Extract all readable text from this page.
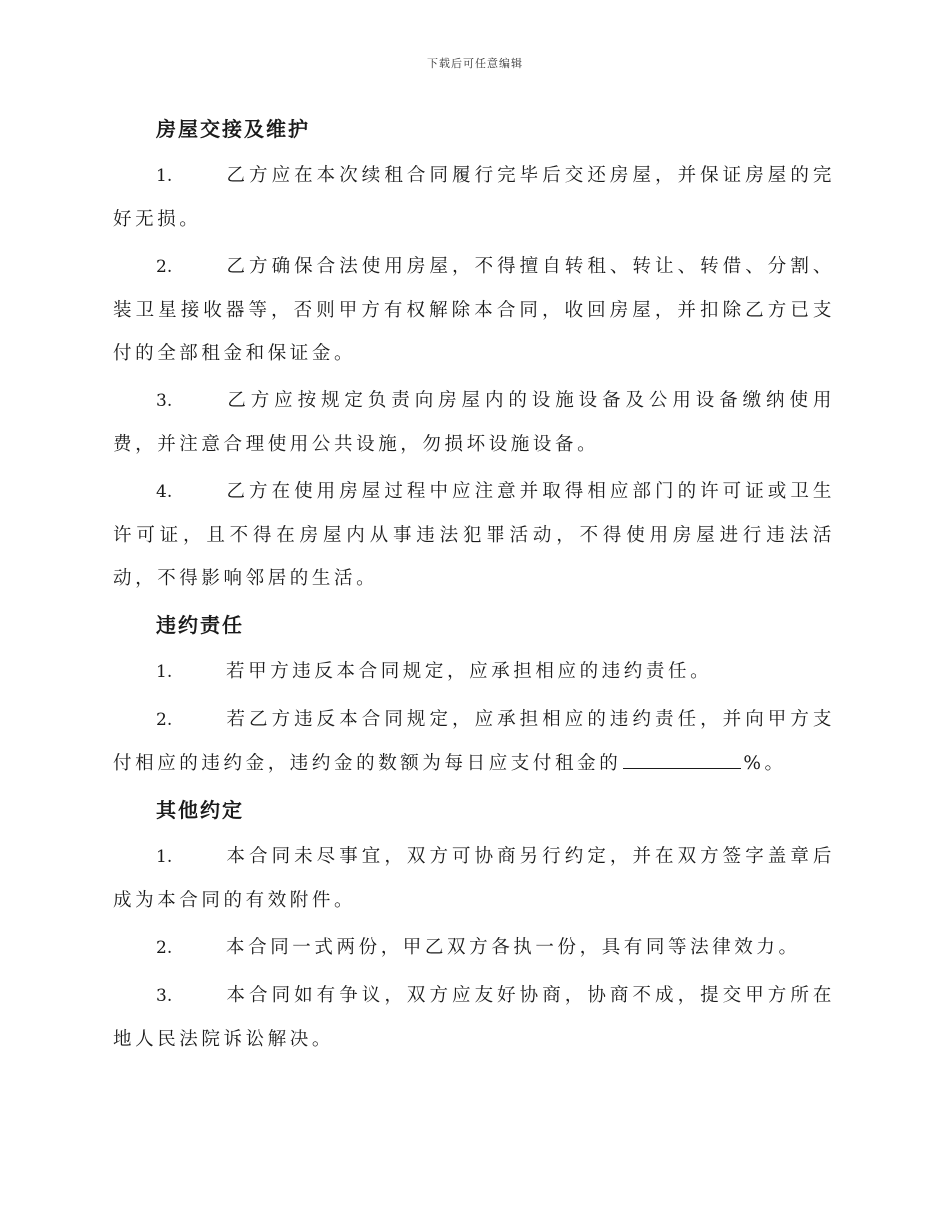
下载后可任意编辑
房屋交接及维护

1.	乙方应在本次续租合同履行完毕后交还房屋，并保证房屋的完好无损。

2.	乙方确保合法使用房屋，不得擅自转租、转让、转借、分割、装卫星接收器等，否则甲方有权解除本合同，收回房屋，并扣除乙方已支付的全部租金和保证金。

3.	乙方应按规定负责向房屋内的设施设备及公用设备缴纳使用费，并注意合理使用公共设施，勿损坏设施设备。

4.	乙方在使用房屋过程中应注意并取得相应部门的许可证或卫生许可证，且不得在房屋内从事违法犯罪活动，不得使用房屋进行违法活动，不得影响邻居的生活。

违约责任

1.	若甲方违反本合同规定，应承担相应的违约责任。

2.	若乙方违反本合同规定，应承担相应的违约责任，并向甲方支付相应的违约金，违约金的数额为每日应支付租金的	%。

其他约定

1.	本合同未尽事宜，双方可协商另行约定，并在双方签字盖章后成为本合同的有效附件。

2.	本合同一式两份，甲乙双方各执一份，具有同等法律效力。

3.	本合同如有争议，双方应友好协商，协商不成，提交甲方所在地人民法院诉讼解决。
